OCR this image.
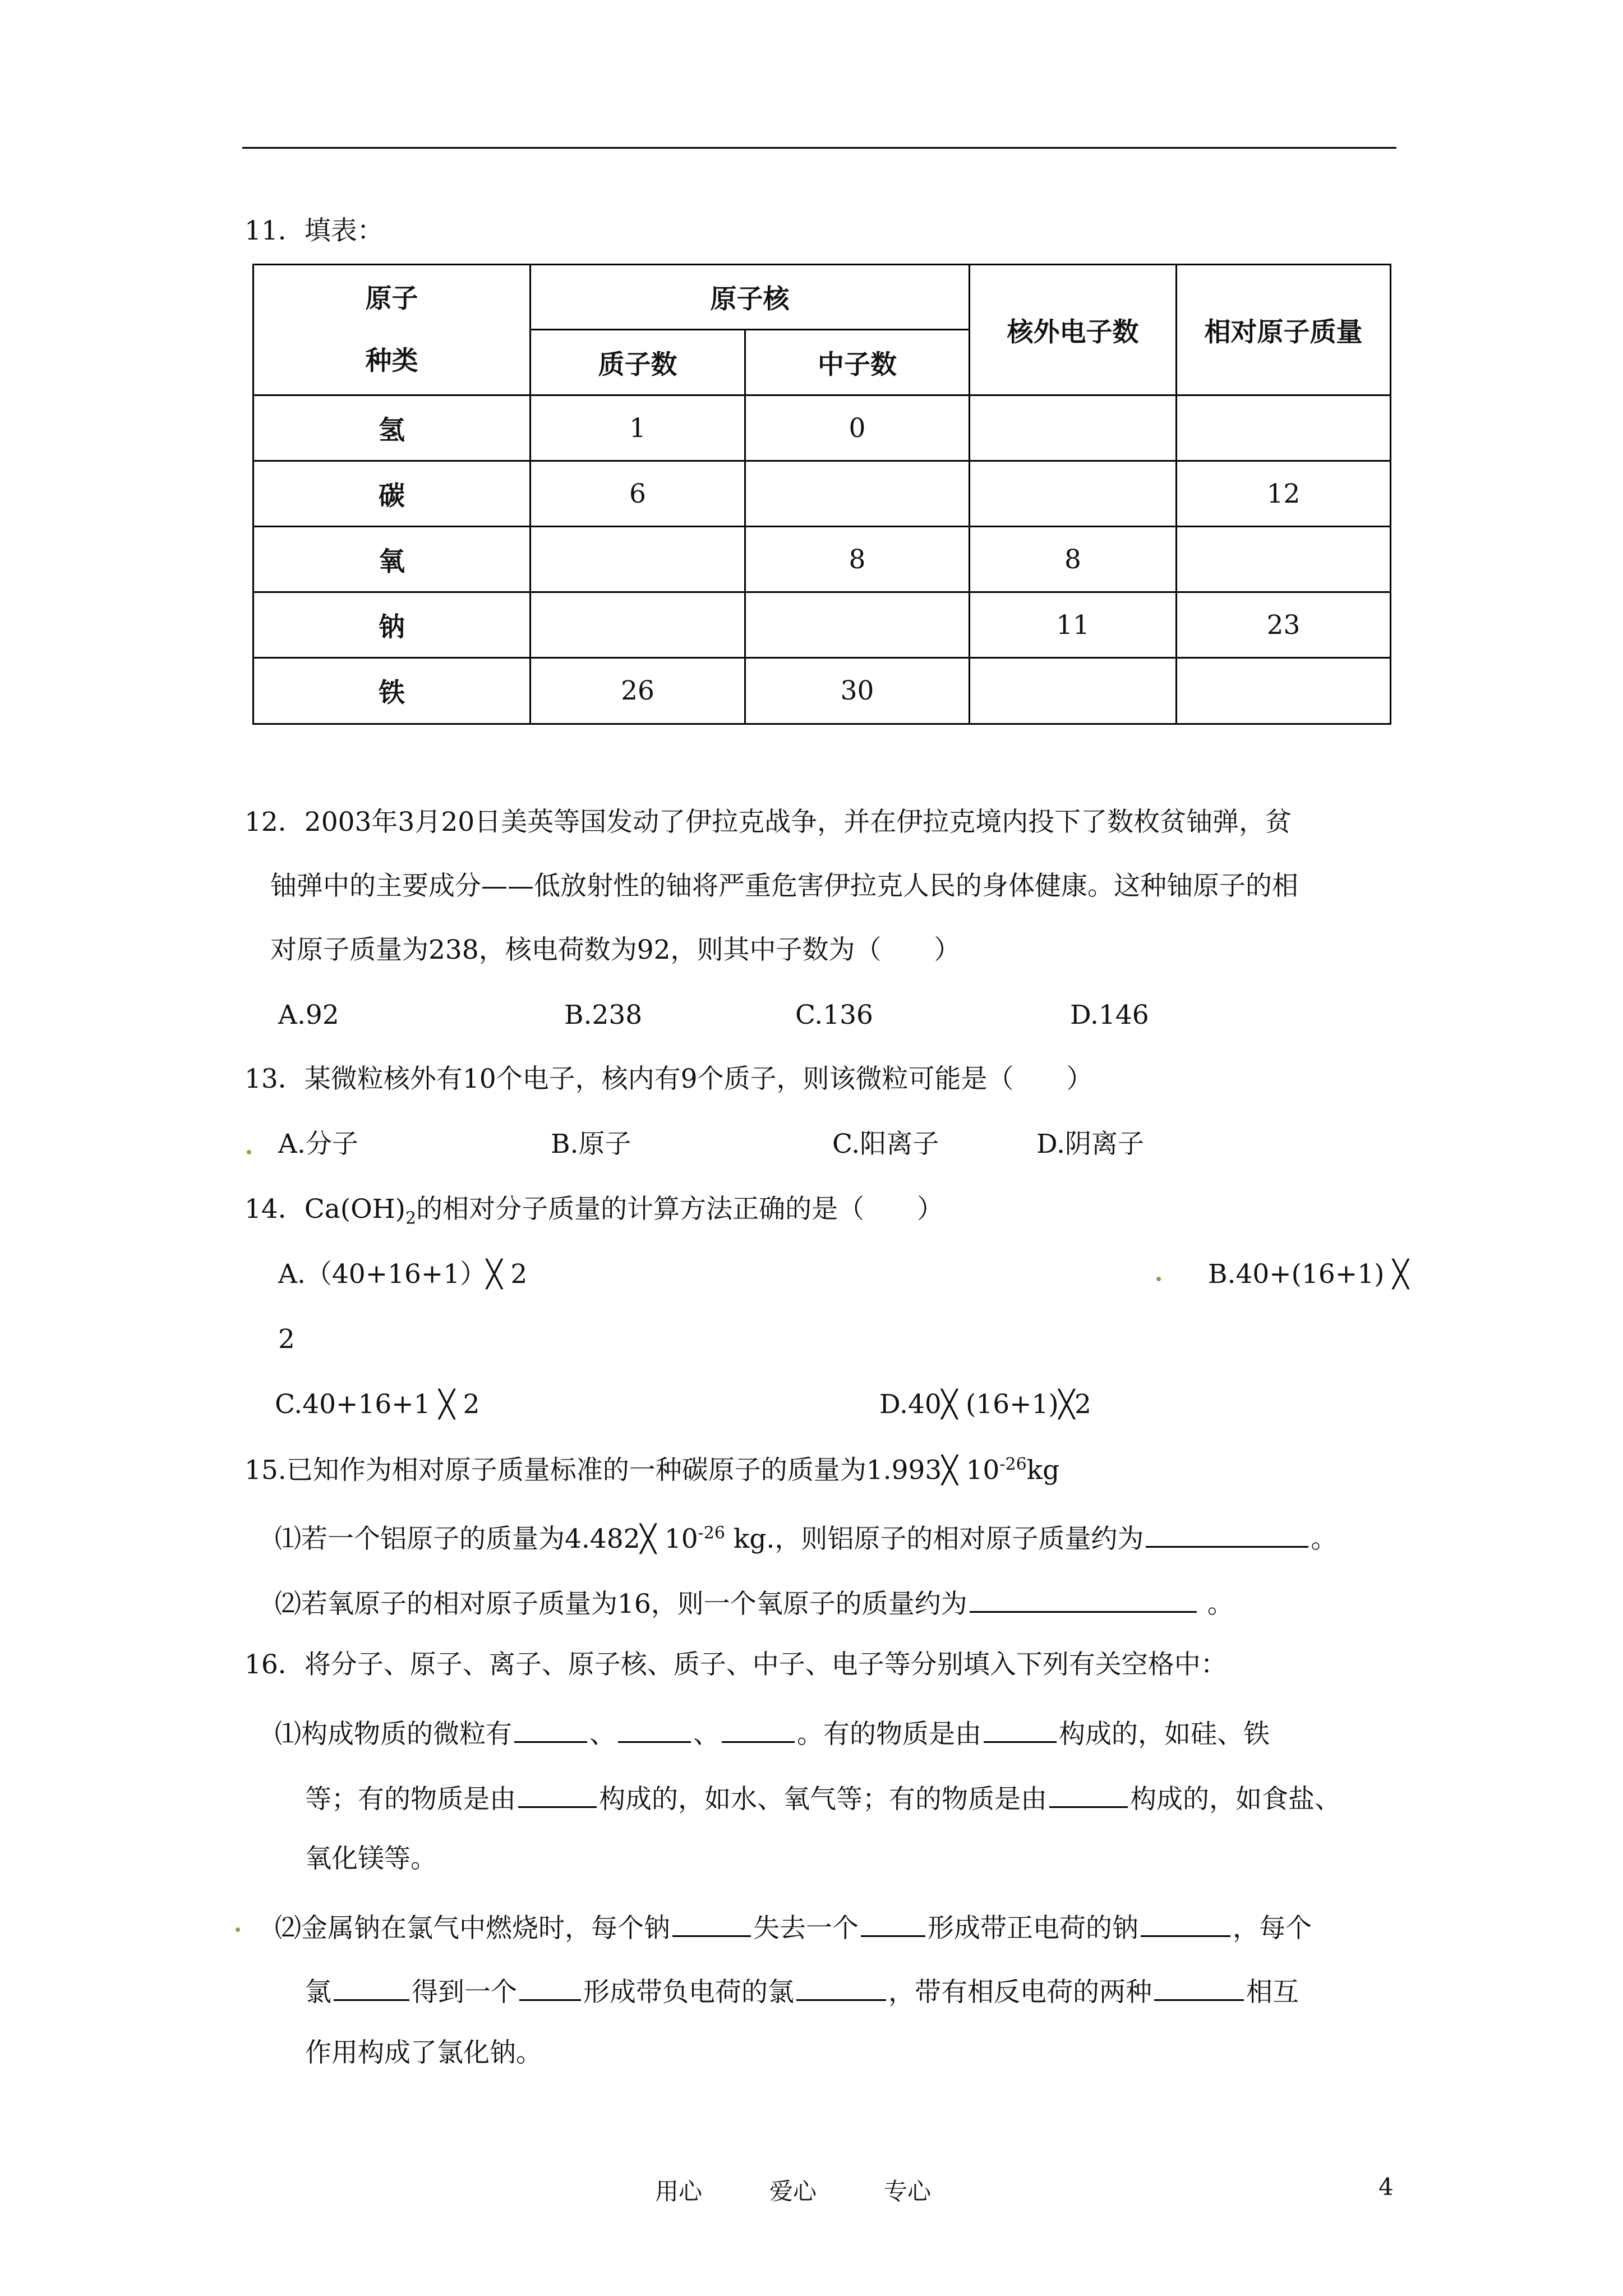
11．填表：
原子
种类	原子核		核外电子数	相对原子质量
	质子数	中子数		
氢	1	0		
碳	6			12
氧		8	8	
钠			11	23
铁	26	30		
12．2003年3月20日美英等国发动了伊拉克战争，并在伊拉克境内投下了数枚贫铀弹，贫
铀弹中的主要成分——低放射性的铀将严重危害伊拉克人民的身体健康。这种铀原子的相
对原子质量为238，核电荷数为92，则其中子数为（　　）
A.92	B.238	C.136	D.146
13．某微粒核外有10个电子，核内有9个质子，则该微粒可能是（　　）
A.分子	B.原子	C.阳离子	D.阴离子
14．$Ca(OH)_2$的相对分子质量的计算方法正确的是（　　）
A.（40+16+1）╳ 2	B.40+(16+1) ╳
2
C.40+16+1 ╳ 2	D.40╳ (16+1)╳2
15.已知作为相对原子质量标准的一种碳原子的质量为1.993╳ $10^{-26}kg$
⑴若一个铝原子的质量为4.482╳ $10^{-26}$ kg.，则铝原子的相对原子质量约为	。
⑵若氧原子的相对原子质量为16，则一个氧原子的质量约为	。
16．将分子、原子、离子、原子核、质子、中子、电子等分别填入下列有关空格中：
⑴构成物质的微粒有	、	、	。有的物质是由	构成的，如硅、铁
等；有的物质是由	构成的，如水、氧气等；有的物质是由	构成的，如食盐、
氧化镁等。
⑵金属钠在氯气中燃烧时，每个钠	失去一个	形成带正电荷的钠	，每个
氯	得到一个	形成带负电荷的氯	，带有相反电荷的两种	相互
作用构成了氯化钠。
用心	爱心	专心	4
